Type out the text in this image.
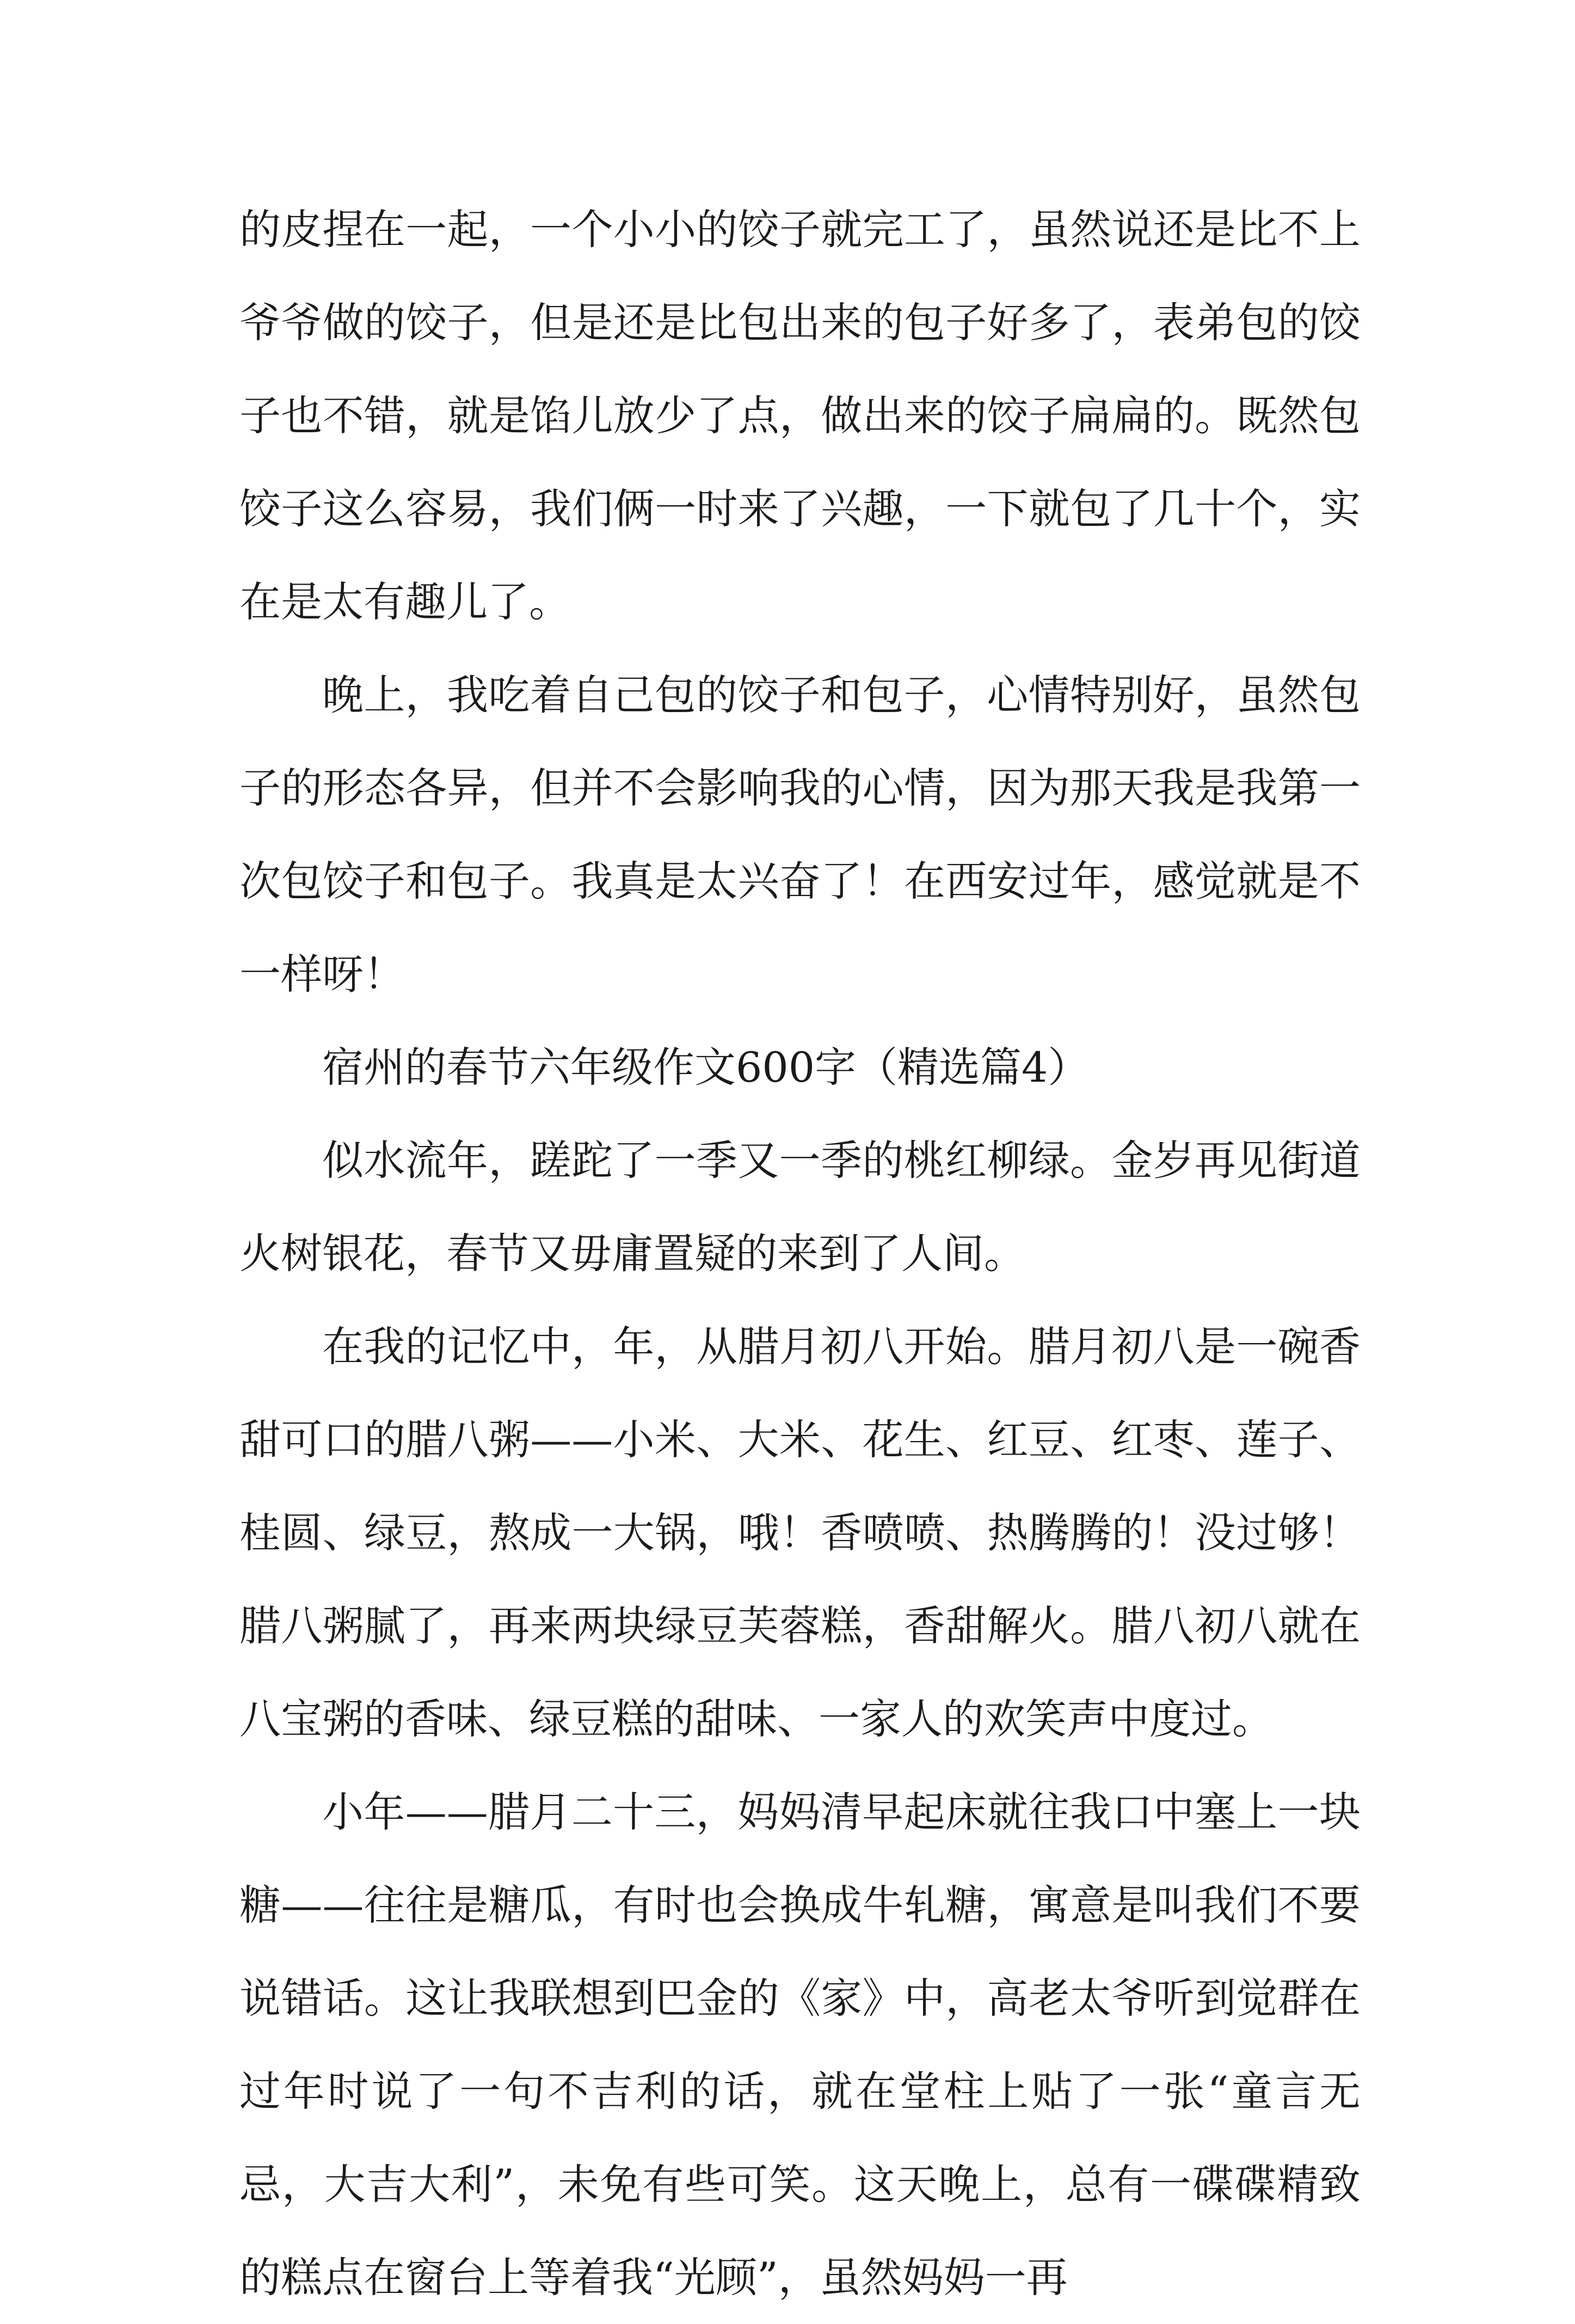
的皮捏在一起，一个小小的饺子就完工了，虽然说还是比不上爷爷做的饺子，但是还是比包出来的包子好多了，表弟包的饺子也不错，就是馅儿放少了点，做出来的饺子扁扁的。既然包饺子这么容易，我们俩一时来了兴趣，一下就包了几十个，实在是太有趣儿了。

晚上，我吃着自己包的饺子和包子，心情特别好，虽然包子的形态各异，但并不会影响我的心情，因为那天我是我第一次包饺子和包子。我真是太兴奋了！在西安过年，感觉就是不一样呀！

宿州的春节六年级作文600字（精选篇4）

似水流年，蹉跎了一季又一季的桃红柳绿。金岁再见街道火树银花，春节又毋庸置疑的来到了人间。

在我的记忆中，年，从腊月初八开始。腊月初八是一碗香甜可口的腊八粥——小米、大米、花生、红豆、红枣、莲子、桂圆、绿豆，熬成一大锅，哦！香喷喷、热腾腾的！没过够！腊八粥腻了，再来两块绿豆芙蓉糕，香甜解火。腊八初八就在八宝粥的香味、绿豆糕的甜味、一家人的欢笑声中度过。

小年——腊月二十三，妈妈清早起床就往我口中塞上一块糖——往往是糖瓜，有时也会换成牛轧糖，寓意是叫我们不要说错话。这让我联想到巴金的《家》中，高老太爷听到觉群在过年时说了一句不吉利的话，就在堂柱上贴了一张“童言无忌，大吉大利”，未免有些可笑。这天晚上，总有一碟碟精致的糕点在窗台上等着我“光顾”，虽然妈妈一再
